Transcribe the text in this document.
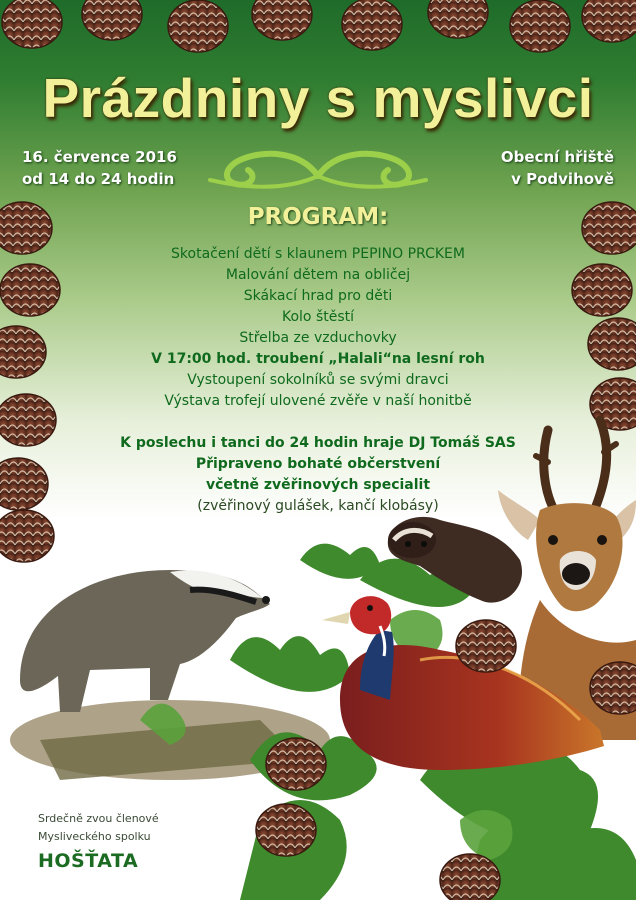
Prázdniny s myslivci
16. července 2016
od 14 do 24 hodin
Obecní hřiště
v Podvihově
PROGRAM:
Skotačení dětí s klaunem PEPINO PRCKEM
Malování dětem na obličej
Skákací hrad pro děti
Kolo štěstí
Střelba ze vzduchovky
V 17:00 hod. troubení „Halali“na lesní roh
Vystoupení sokolníků se svými dravci
Výstava trofejí ulovené zvěře v naší honitbě
K poslechu i tanci do 24 hodin hraje DJ Tomáš SAS
Připraveno bohaté občerstvení
včetně zvěřinových specialit
(zvěřinový gulášek, kančí klobásy)
Srdečně zvou členové
Mysliveckého spolku
HOŠŤATA
